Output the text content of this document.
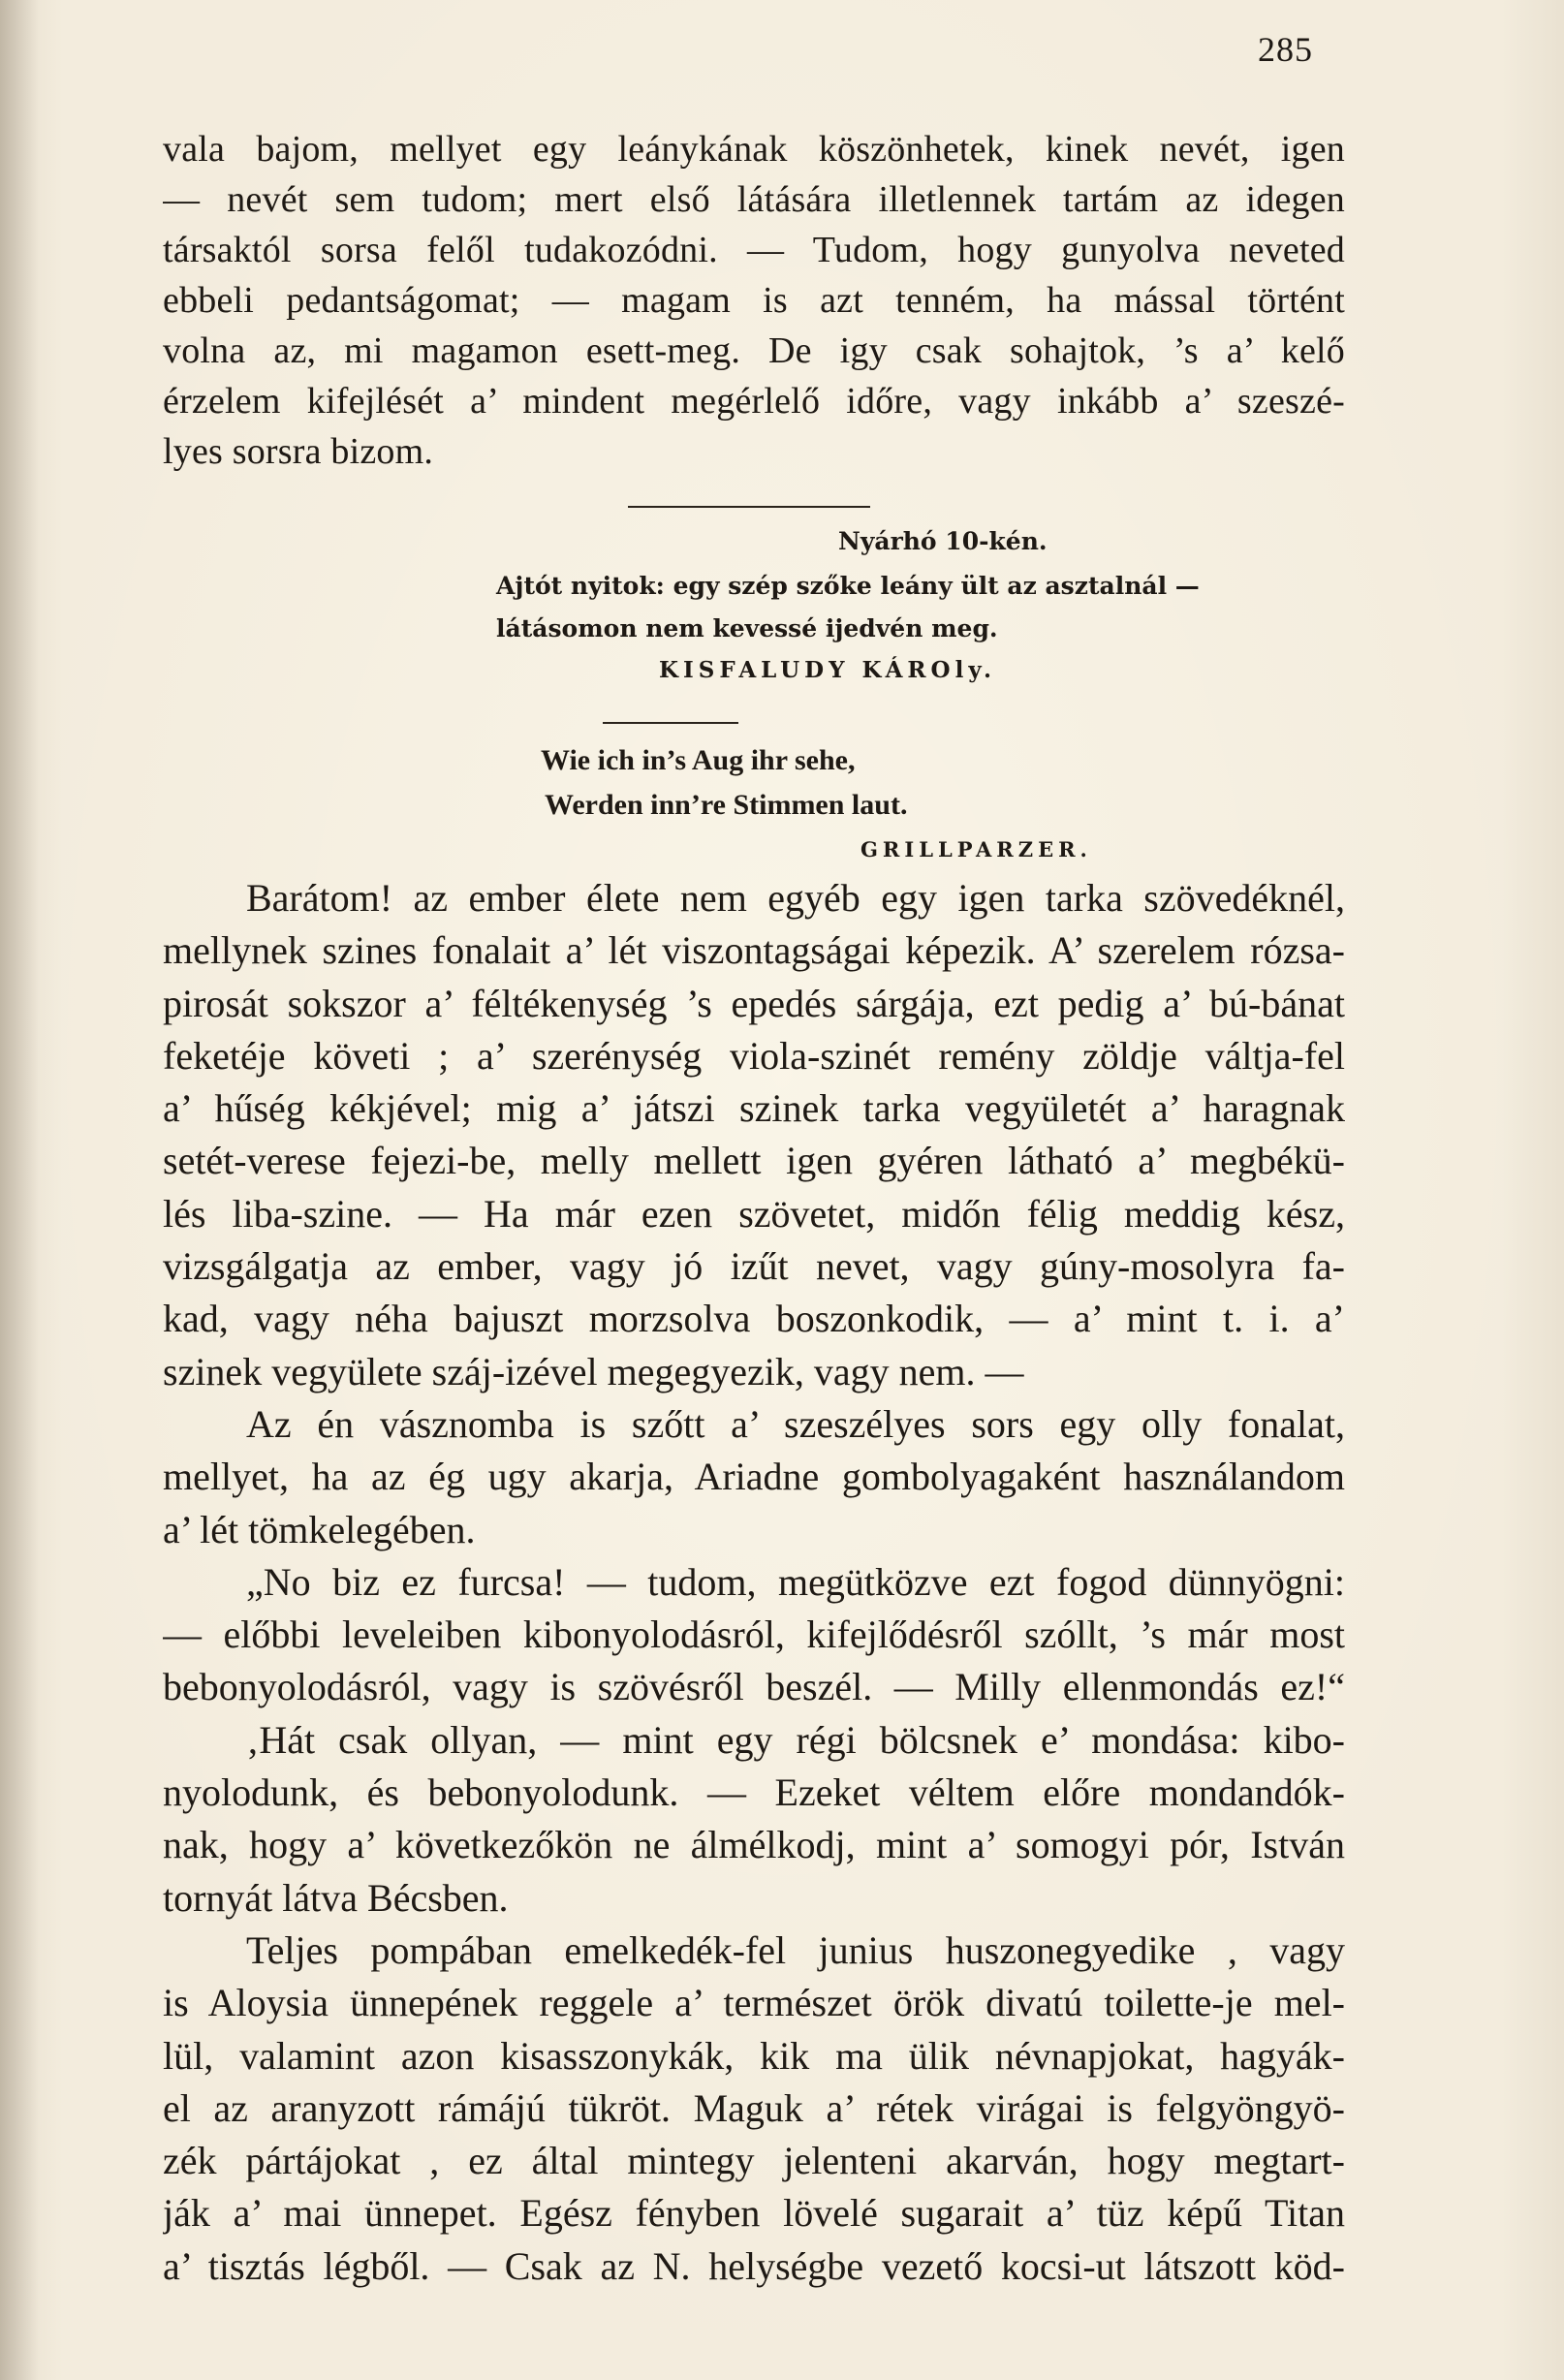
285
vala bajom, mellyet egy leánykának köszönhetek, kinek nevét, igen
— nevét sem tudom; mert első látására illetlennek tartám az idegen
társaktól sorsa felől tudakozódni. — Tudom, hogy gunyolva neveted
ebbeli pedantságomat; — magam is azt tenném, ha mással történt
volna az, mi magamon esett-meg. De igy csak sohajtok, ’s a’ kelő
érzelem kifejlését a’ mindent megérlelő időre, vagy inkább a’ szeszé-
lyes sorsra bizom.
Nyárhó 10-kén.
Ajtót nyitok: egy szép szőke leány ült az asztalnál —
látásomon nem kevessé ijedvén meg.
KISFALUDY KÁROly.
Wie ich in’s Aug ihr sehe,
Werden inn’re Stimmen laut.
GRILLPARZER.
Barátom! az ember élete nem egyéb egy igen tarka szövedéknél,
mellynek szines fonalait a’ lét viszontagságai képezik. A’ szerelem rózsa-
pirosát sokszor a’ féltékenység ’s epedés sárgája, ezt pedig a’ bú-bánat
feketéje követi ; a’ szerénység viola-szinét remény zöldje váltja-fel
a’ hűség kékjével; mig a’ játszi szinek tarka vegyületét a’ haragnak
setét-verese fejezi-be, melly mellett igen gyéren látható a’ megbékü-
lés liba-szine. — Ha már ezen szövetet, midőn félig meddig kész,
vizsgálgatja az ember, vagy jó izűt nevet, vagy gúny-mosolyra fa-
kad, vagy néha bajuszt morzsolva boszonkodik, — a’ mint t. i. a’
szinek vegyülete száj-izével megegyezik, vagy nem. —
Az én vásznomba is szőtt a’ szeszélyes sors egy olly fonalat,
mellyet, ha az ég ugy akarja, Ariadne gombolyagaként használandom
a’ lét tömkelegében.
„No biz ez furcsa! — tudom, megütközve ezt fogod dünnyögni:
— előbbi leveleiben kibonyolodásról, kifejlődésről szóllt, ’s már most
bebonyolodásról, vagy is szövésről beszél. — Milly ellenmondás ez!“
‚Hát csak ollyan, — mint egy régi bölcsnek e’ mondása: kibo-
nyolodunk, és bebonyolodunk. — Ezeket véltem előre mondandók-
nak, hogy a’ következőkön ne álmélkodj, mint a’ somogyi pór, István
tornyát látva Bécsben.
Teljes pompában emelkedék-fel junius huszonegyedike , vagy
is Aloysia ünnepének reggele a’ természet örök divatú toilette-je mel-
lül, valamint azon kisasszonykák, kik ma ülik névnapjokat, hagyák-
el az aranyzott rámájú tükröt. Maguk a’ rétek virágai is felgyöngyö-
zék pártájokat , ez által mintegy jelenteni akarván, hogy megtart-
ják a’ mai ünnepet. Egész fényben lövelé sugarait a’ tüz képű Titan
a’ tisztás légből. — Csak az N. helységbe vezető kocsi-ut látszott köd-
